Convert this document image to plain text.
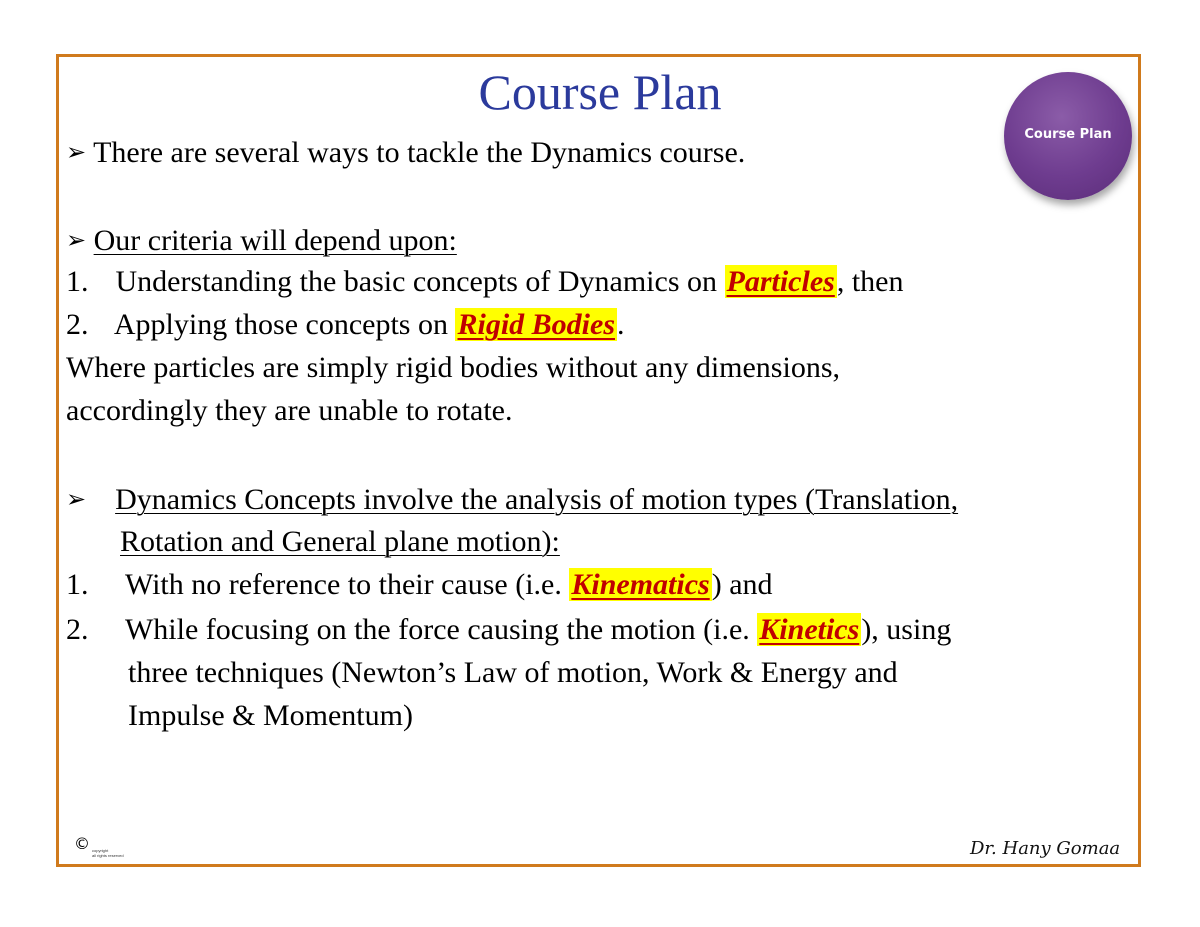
Course Plan
Course Plan
➢ There are several ways to tackle the Dynamics course.
➢ Our criteria will depend upon:
1. Understanding the basic concepts of Dynamics on Particles, then
2. Applying those concepts on Rigid Bodies.
Where particles are simply rigid bodies without any dimensions,
accordingly they are unable to rotate.
➢ Dynamics Concepts involve the analysis of motion types (Translation,
Rotation and General plane motion):
1. With no reference to their cause (i.e. Kinematics) and
2. While focusing on the force causing the motion (i.e. Kinetics), using
three techniques (Newton’s Law of motion, Work & Energy and
Impulse & Momentum)
© copyright
all rights reserved	Dr. Hany Gomaa
